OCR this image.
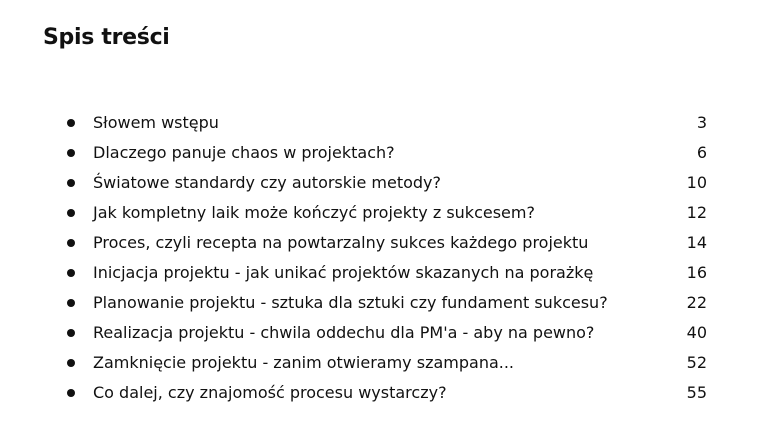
Spis treści
Słowem wstępu	3
Dlaczego panuje chaos w projektach?	6
Światowe standardy czy autorskie metody?	10
Jak kompletny laik może kończyć projekty z sukcesem?	12
Proces, czyli recepta na powtarzalny sukces każdego projektu	14
Inicjacja projektu - jak unikać projektów skazanych na porażkę	16
Planowanie projektu - sztuka dla sztuki czy fundament sukcesu?	22
Realizacja projektu - chwila oddechu dla PM'a - aby na pewno?	40
Zamknięcie projektu - zanim otwieramy szampana...	52
Co dalej, czy znajomość procesu wystarczy?	55
